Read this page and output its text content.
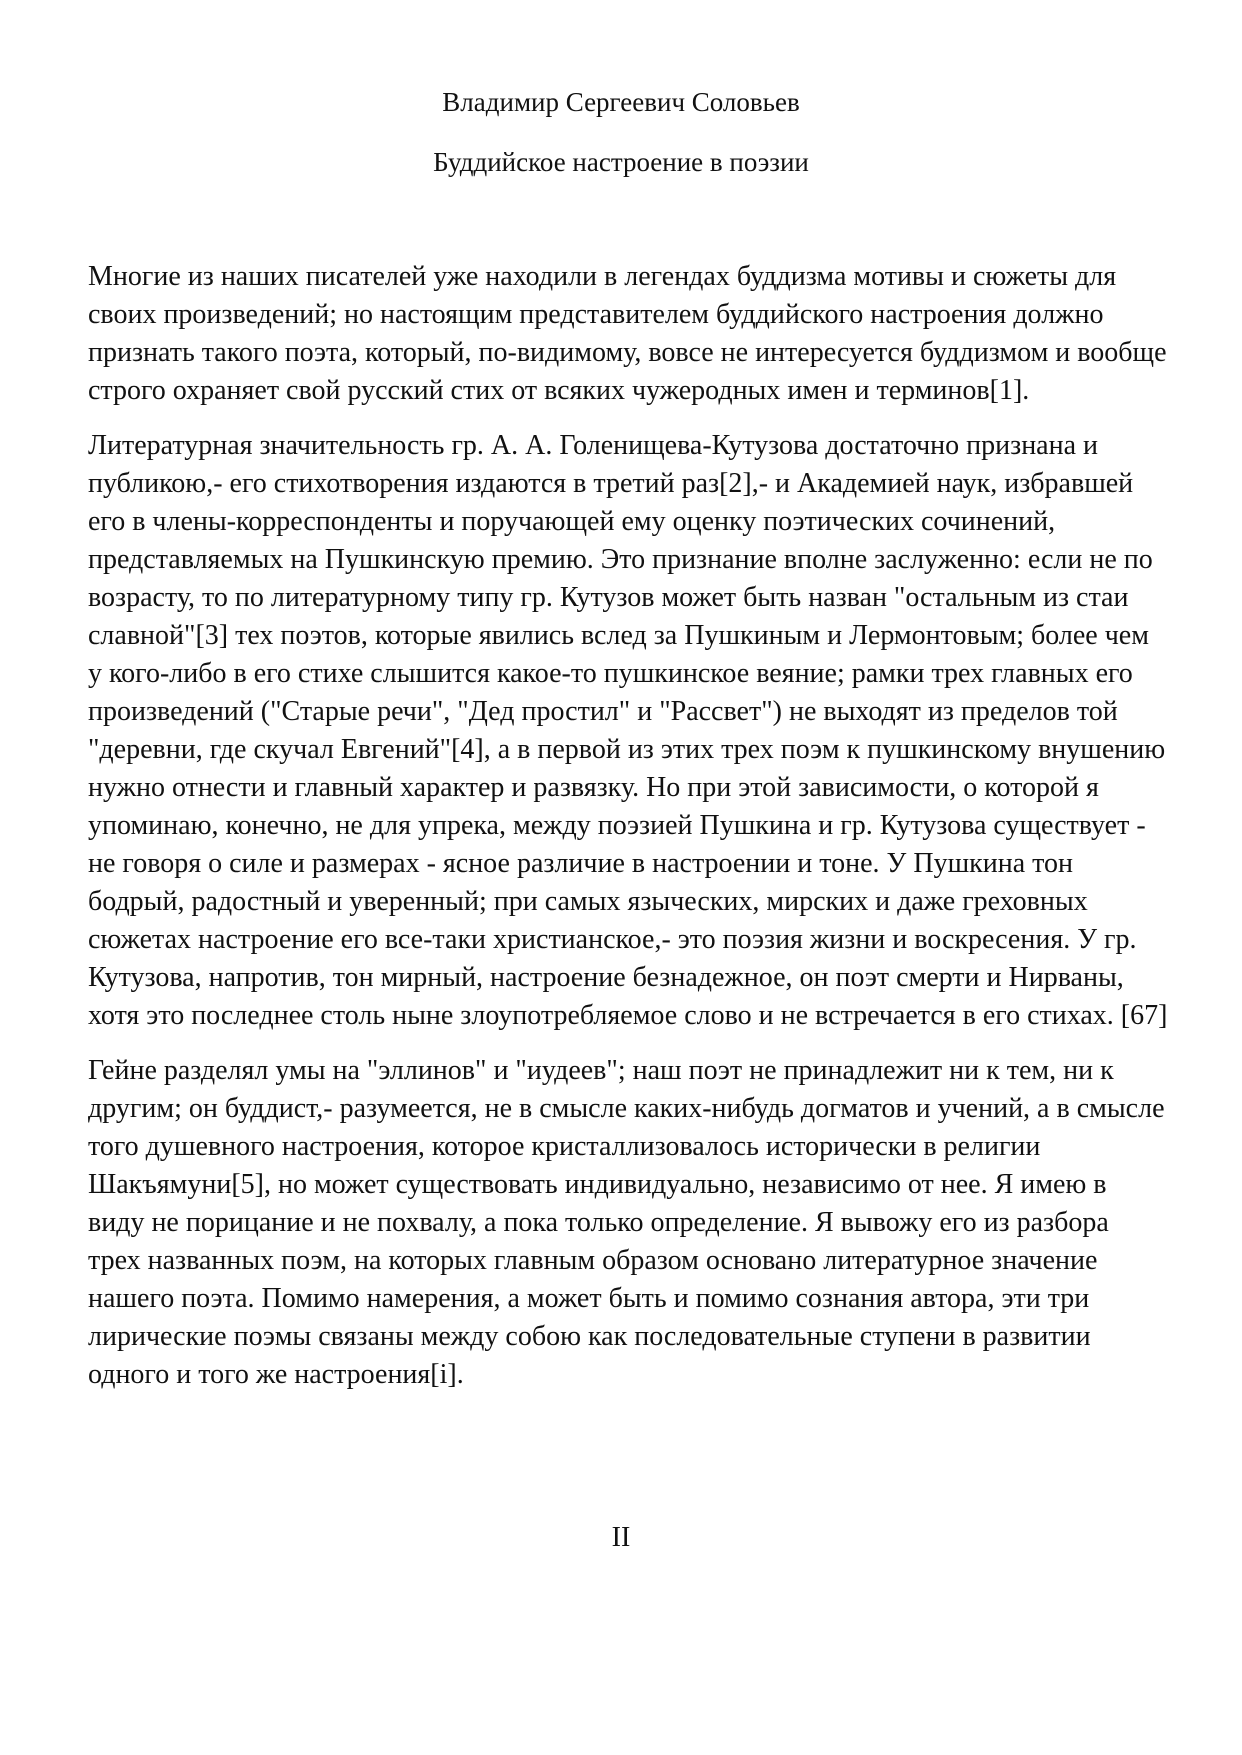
Владимир Сергеевич Соловьев
Буддийское настроение в поэзии

Многие из наших писателей уже находили в легендах буддизма мотивы и сюжеты для своих произведений; но настоящим представителем буддийского настроения должно признать такого поэта, который, по-видимому, вовсе не интересуется буддизмом и вообще строго охраняет свой русский стих от всяких чужеродных имен и терминов[1].

Литературная значительность гр. А. А. Голенищева-Кутузова достаточно признана и публикою,- его стихотворения издаются в третий раз[2],- и Академией наук, избравшей его в члены-корреспонденты и поручающей ему оценку поэтических сочинений, представляемых на Пушкинскую премию. Это признание вполне заслуженно: если не по возрасту, то по литературному типу гр. Кутузов может быть назван "остальным из стаи славной"[3] тех поэтов, которые явились вслед за Пушкиным и Лермонтовым; более чем у кого-либо в его стихе слышится какое-то пушкинское веяние; рамки трех главных его произведений ("Старые речи", "Дед простил" и "Рассвет") не выходят из пределов той "деревни, где скучал Евгений"[4], а в первой из этих трех поэм к пушкинскому внушению нужно отнести и главный характер и развязку. Но при этой зависимости, о которой я упоминаю, конечно, не для упрека, между поэзией Пушкина и гр. Кутузова существует - не говоря о силе и размерах - ясное различие в настроении и тоне. У Пушкина тон бодрый, радостный и уверенный; при самых языческих, мирских и даже греховных сюжетах настроение его все-таки христианское,- это поэзия жизни и воскресения. У гр. Кутузова, напротив, тон мирный, настроение безнадежное, он поэт смерти и Нирваны, хотя это последнее столь ныне злоупотребляемое слово и не встречается в его стихах. [67]

Гейне разделял умы на "эллинов" и "иудеев"; наш поэт не принадлежит ни к тем, ни к другим; он буддист,- разумеется, не в смысле каких-нибудь догматов и учений, а в смысле того душевного настроения, которое кристаллизовалось исторически в религии Шакъямуни[5], но может существовать индивидуально, независимо от нее. Я имею в виду не порицание и не похвалу, а пока только определение. Я вывожу его из разбора трех названных поэм, на которых главным образом основано литературное значение нашего поэта. Помимо намерения, а может быть и помимо сознания автора, эти три лирические поэмы связаны между собою как последовательные ступени в развитии одного и того же настроения[i].

II
